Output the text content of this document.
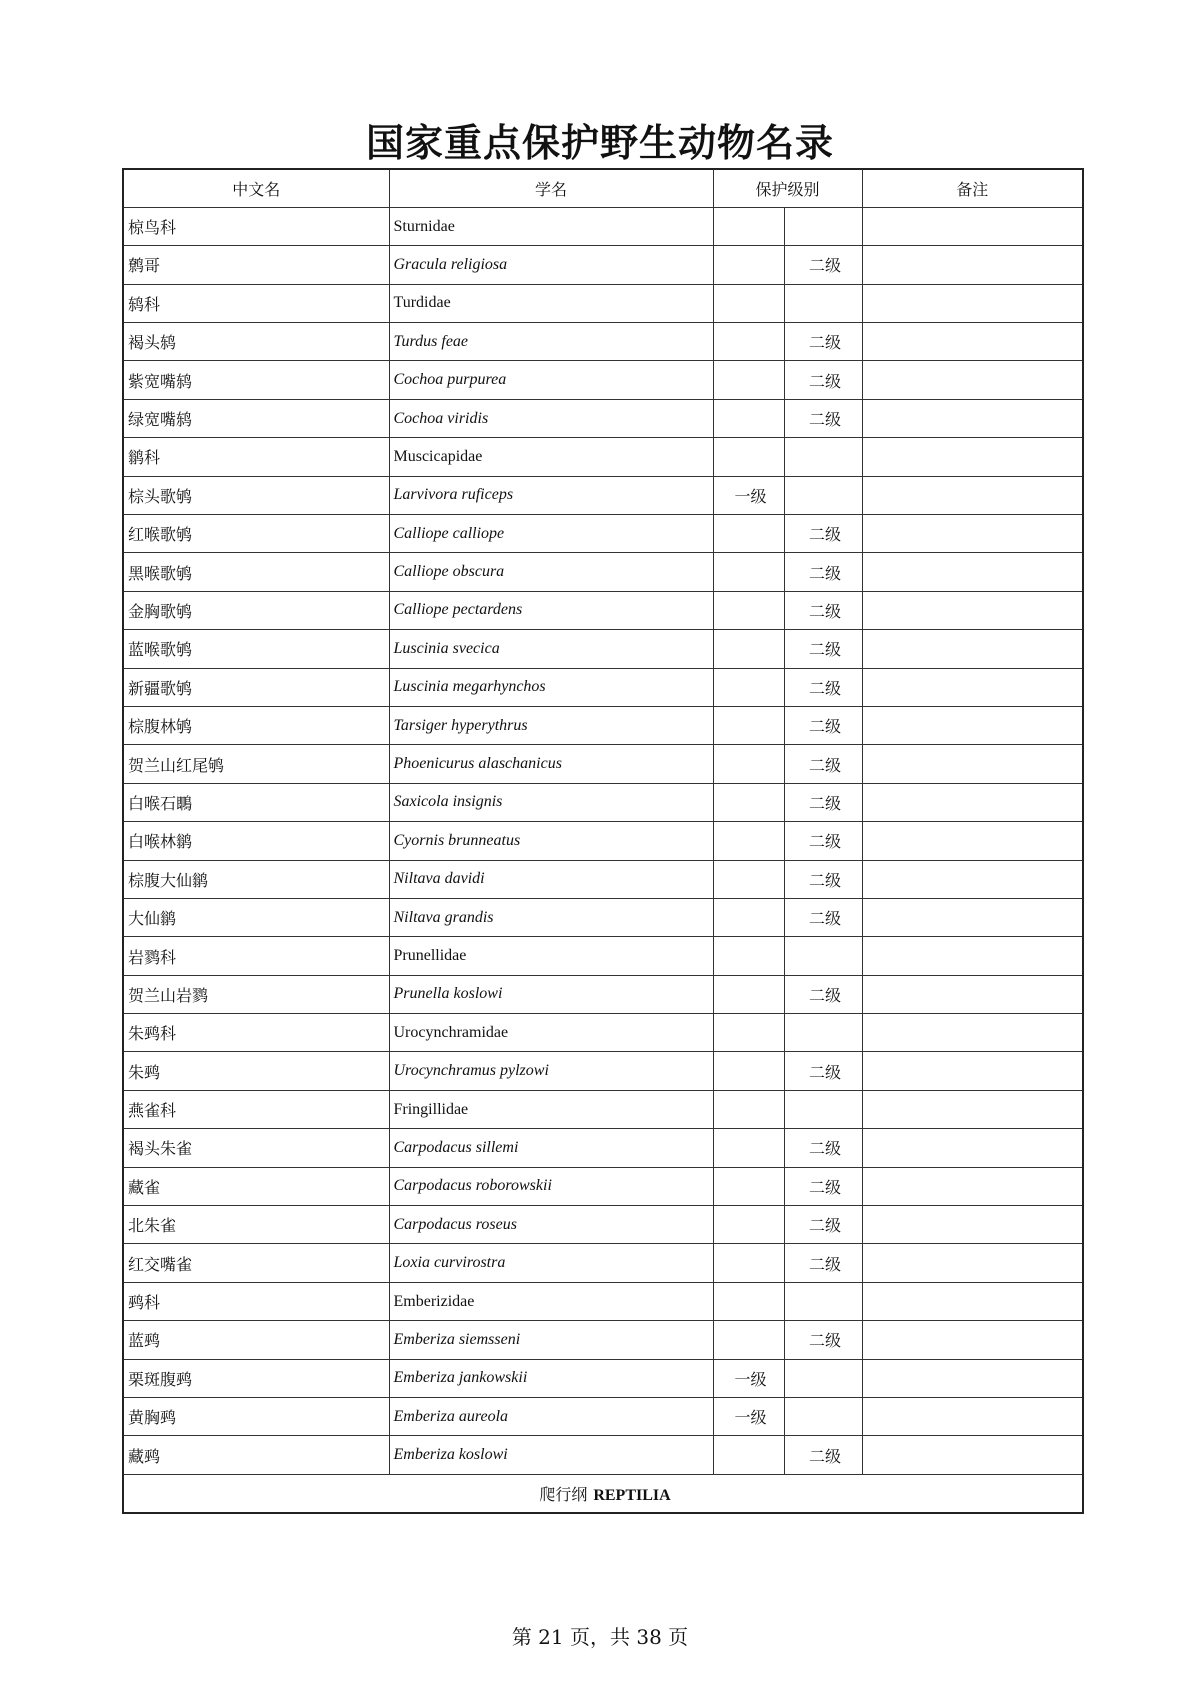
国家重点保护野生动物名录
中文名	学名	保护级别		备注
椋鸟科	Sturnidae			
鹩哥	Gracula religiosa		二级	
鸫科	Turdidae			
褐头鸫	Turdus feae		二级	
紫宽嘴鸫	Cochoa purpurea		二级	
绿宽嘴鸫	Cochoa viridis		二级	
鹟科	Muscicapidae			
棕头歌鸲	Larvivora ruficeps	一级		
红喉歌鸲	Calliope calliope		二级	
黑喉歌鸲	Calliope obscura		二级	
金胸歌鸲	Calliope pectardens		二级	
蓝喉歌鸲	Luscinia svecica		二级	
新疆歌鸲	Luscinia megarhynchos		二级	
棕腹林鸲	Tarsiger hyperythrus		二级	
贺兰山红尾鸲	Phoenicurus alaschanicus		二级	
白喉石䳭	Saxicola insignis		二级	
白喉林鹟	Cyornis brunneatus		二级	
棕腹大仙鹟	Niltava davidi		二级	
大仙鹟	Niltava grandis		二级	
岩鹨科	Prunellidae			
贺兰山岩鹨	Prunella koslowi		二级	
朱鹀科	Urocynchramidae			
朱鹀	Urocynchramus pylzowi		二级	
燕雀科	Fringillidae			
褐头朱雀	Carpodacus sillemi		二级	
藏雀	Carpodacus roborowskii		二级	
北朱雀	Carpodacus roseus		二级	
红交嘴雀	Loxia curvirostra		二级	
鹀科	Emberizidae			
蓝鹀	Emberiza siemsseni		二级	
栗斑腹鹀	Emberiza jankowskii	一级		
黄胸鹀	Emberiza aureola	一级		
藏鹀	Emberiza koslowi		二级	
爬行纲 REPTILIA				
第 21 页，共 38 页
